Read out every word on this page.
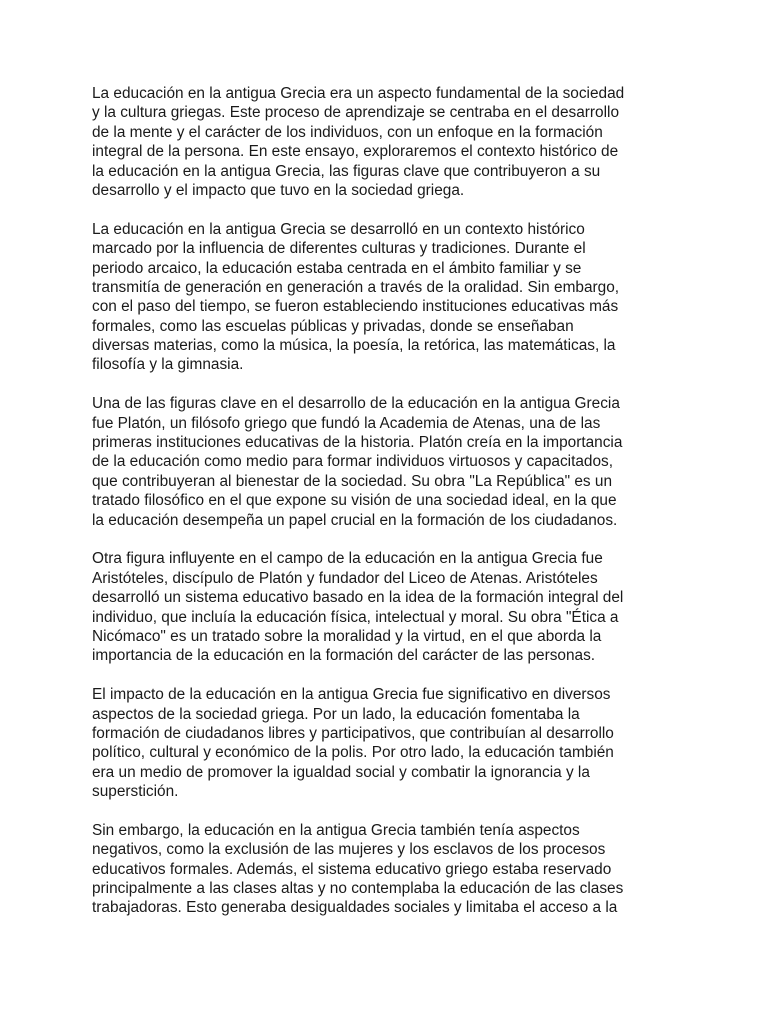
La educación en la antigua Grecia era un aspecto fundamental de la sociedad
y la cultura griegas. Este proceso de aprendizaje se centraba en el desarrollo
de la mente y el carácter de los individuos, con un enfoque en la formación
integral de la persona. En este ensayo, exploraremos el contexto histórico de
la educación en la antigua Grecia, las figuras clave que contribuyeron a su
desarrollo y el impacto que tuvo en la sociedad griega.

La educación en la antigua Grecia se desarrolló en un contexto histórico
marcado por la influencia de diferentes culturas y tradiciones. Durante el
periodo arcaico, la educación estaba centrada en el ámbito familiar y se
transmitía de generación en generación a través de la oralidad. Sin embargo,
con el paso del tiempo, se fueron estableciendo instituciones educativas más
formales, como las escuelas públicas y privadas, donde se enseñaban
diversas materias, como la música, la poesía, la retórica, las matemáticas, la
filosofía y la gimnasia.

Una de las figuras clave en el desarrollo de la educación en la antigua Grecia
fue Platón, un filósofo griego que fundó la Academia de Atenas, una de las
primeras instituciones educativas de la historia. Platón creía en la importancia
de la educación como medio para formar individuos virtuosos y capacitados,
que contribuyeran al bienestar de la sociedad. Su obra "La República" es un
tratado filosófico en el que expone su visión de una sociedad ideal, en la que
la educación desempeña un papel crucial en la formación de los ciudadanos.

Otra figura influyente en el campo de la educación en la antigua Grecia fue
Aristóteles, discípulo de Platón y fundador del Liceo de Atenas. Aristóteles
desarrolló un sistema educativo basado en la idea de la formación integral del
individuo, que incluía la educación física, intelectual y moral. Su obra "Ética a
Nicómaco" es un tratado sobre la moralidad y la virtud, en el que aborda la
importancia de la educación en la formación del carácter de las personas.

El impacto de la educación en la antigua Grecia fue significativo en diversos
aspectos de la sociedad griega. Por un lado, la educación fomentaba la
formación de ciudadanos libres y participativos, que contribuían al desarrollo
político, cultural y económico de la polis. Por otro lado, la educación también
era un medio de promover la igualdad social y combatir la ignorancia y la
superstición.

Sin embargo, la educación en la antigua Grecia también tenía aspectos
negativos, como la exclusión de las mujeres y los esclavos de los procesos
educativos formales. Además, el sistema educativo griego estaba reservado
principalmente a las clases altas y no contemplaba la educación de las clases
trabajadoras. Esto generaba desigualdades sociales y limitaba el acceso a la
